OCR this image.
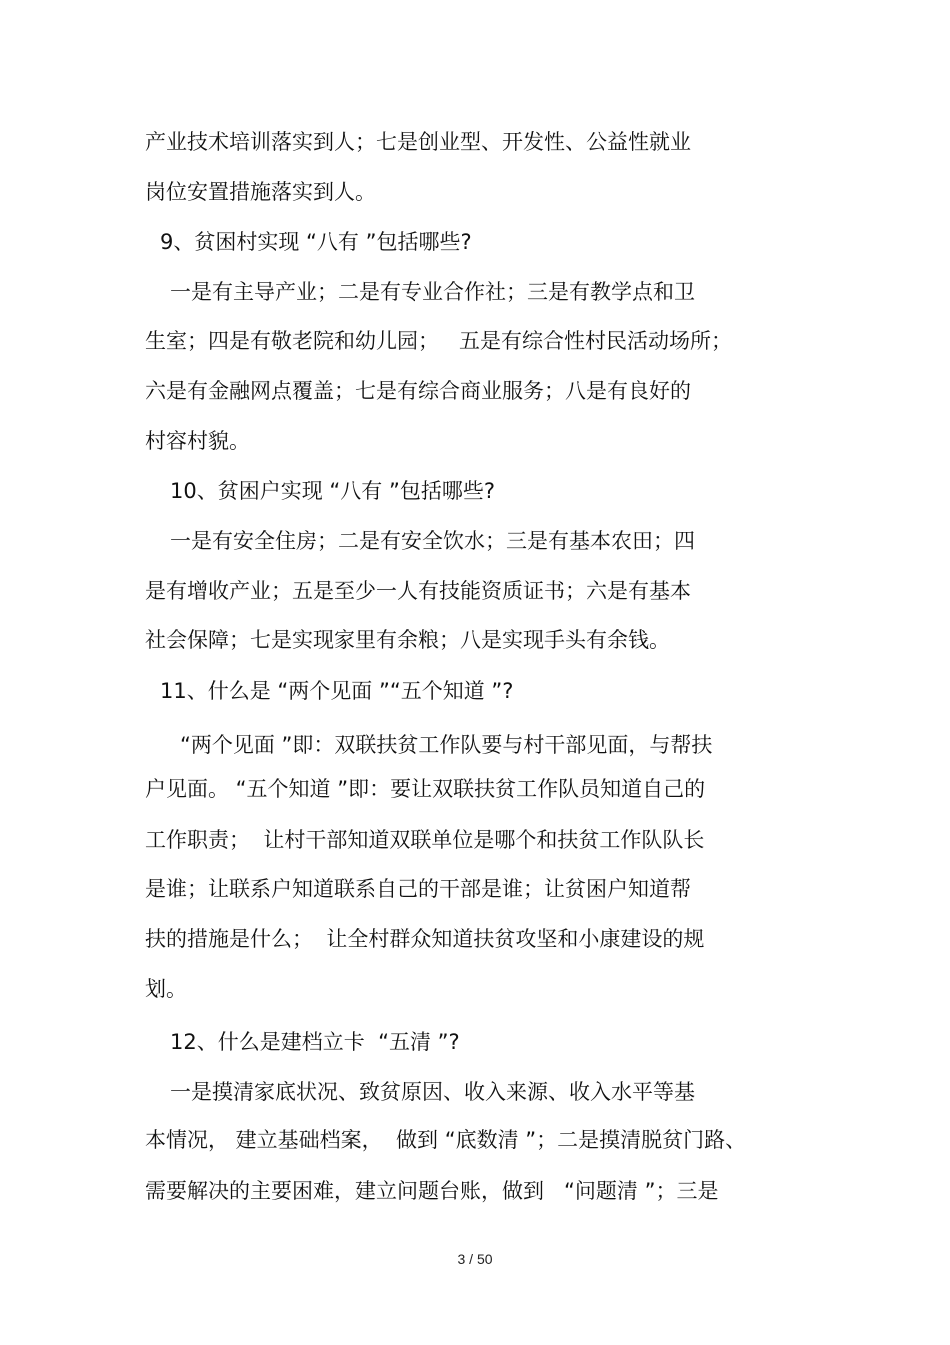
产业技术培训落实到人；七是创业型、开发性、公益性就业
岗位安置措施落实到人。
9、贫困村实现 “八有 ”包括哪些?
一是有主导产业；二是有专业合作社；三是有教学点和卫
生室；四是有敬老院和幼儿园；   五是有综合性村民活动场所；
六是有金融网点覆盖；七是有综合商业服务；八是有良好的
村容村貌。
10、贫困户实现 “八有 ”包括哪些?
一是有安全住房；二是有安全饮水；三是有基本农田；四
是有增收产业；五是至少一人有技能资质证书；六是有基本
社会保障；七是实现家里有余粮；八是实现手头有余钱。
11、什么是 “两个见面 ”“五个知道 ”?
“两个见面 ”即：双联扶贫工作队要与村干部见面，与帮扶
户见面。 “五个知道 ”即：要让双联扶贫工作队员知道自己的
工作职责；  让村干部知道双联单位是哪个和扶贫工作队队长
是谁；让联系户知道联系自己的干部是谁；让贫困户知道帮
扶的措施是什么；  让全村群众知道扶贫攻坚和小康建设的规
划。
12、什么是建档立卡  “五清 ”?
一是摸清家底状况、致贫原因、收入来源、收入水平等基
本情况， 建立基础档案，  做到 “底数清 ”；二是摸清脱贫门路、
需要解决的主要困难，建立问题台账，做到   “问题清 ”；三是
3 / 50
